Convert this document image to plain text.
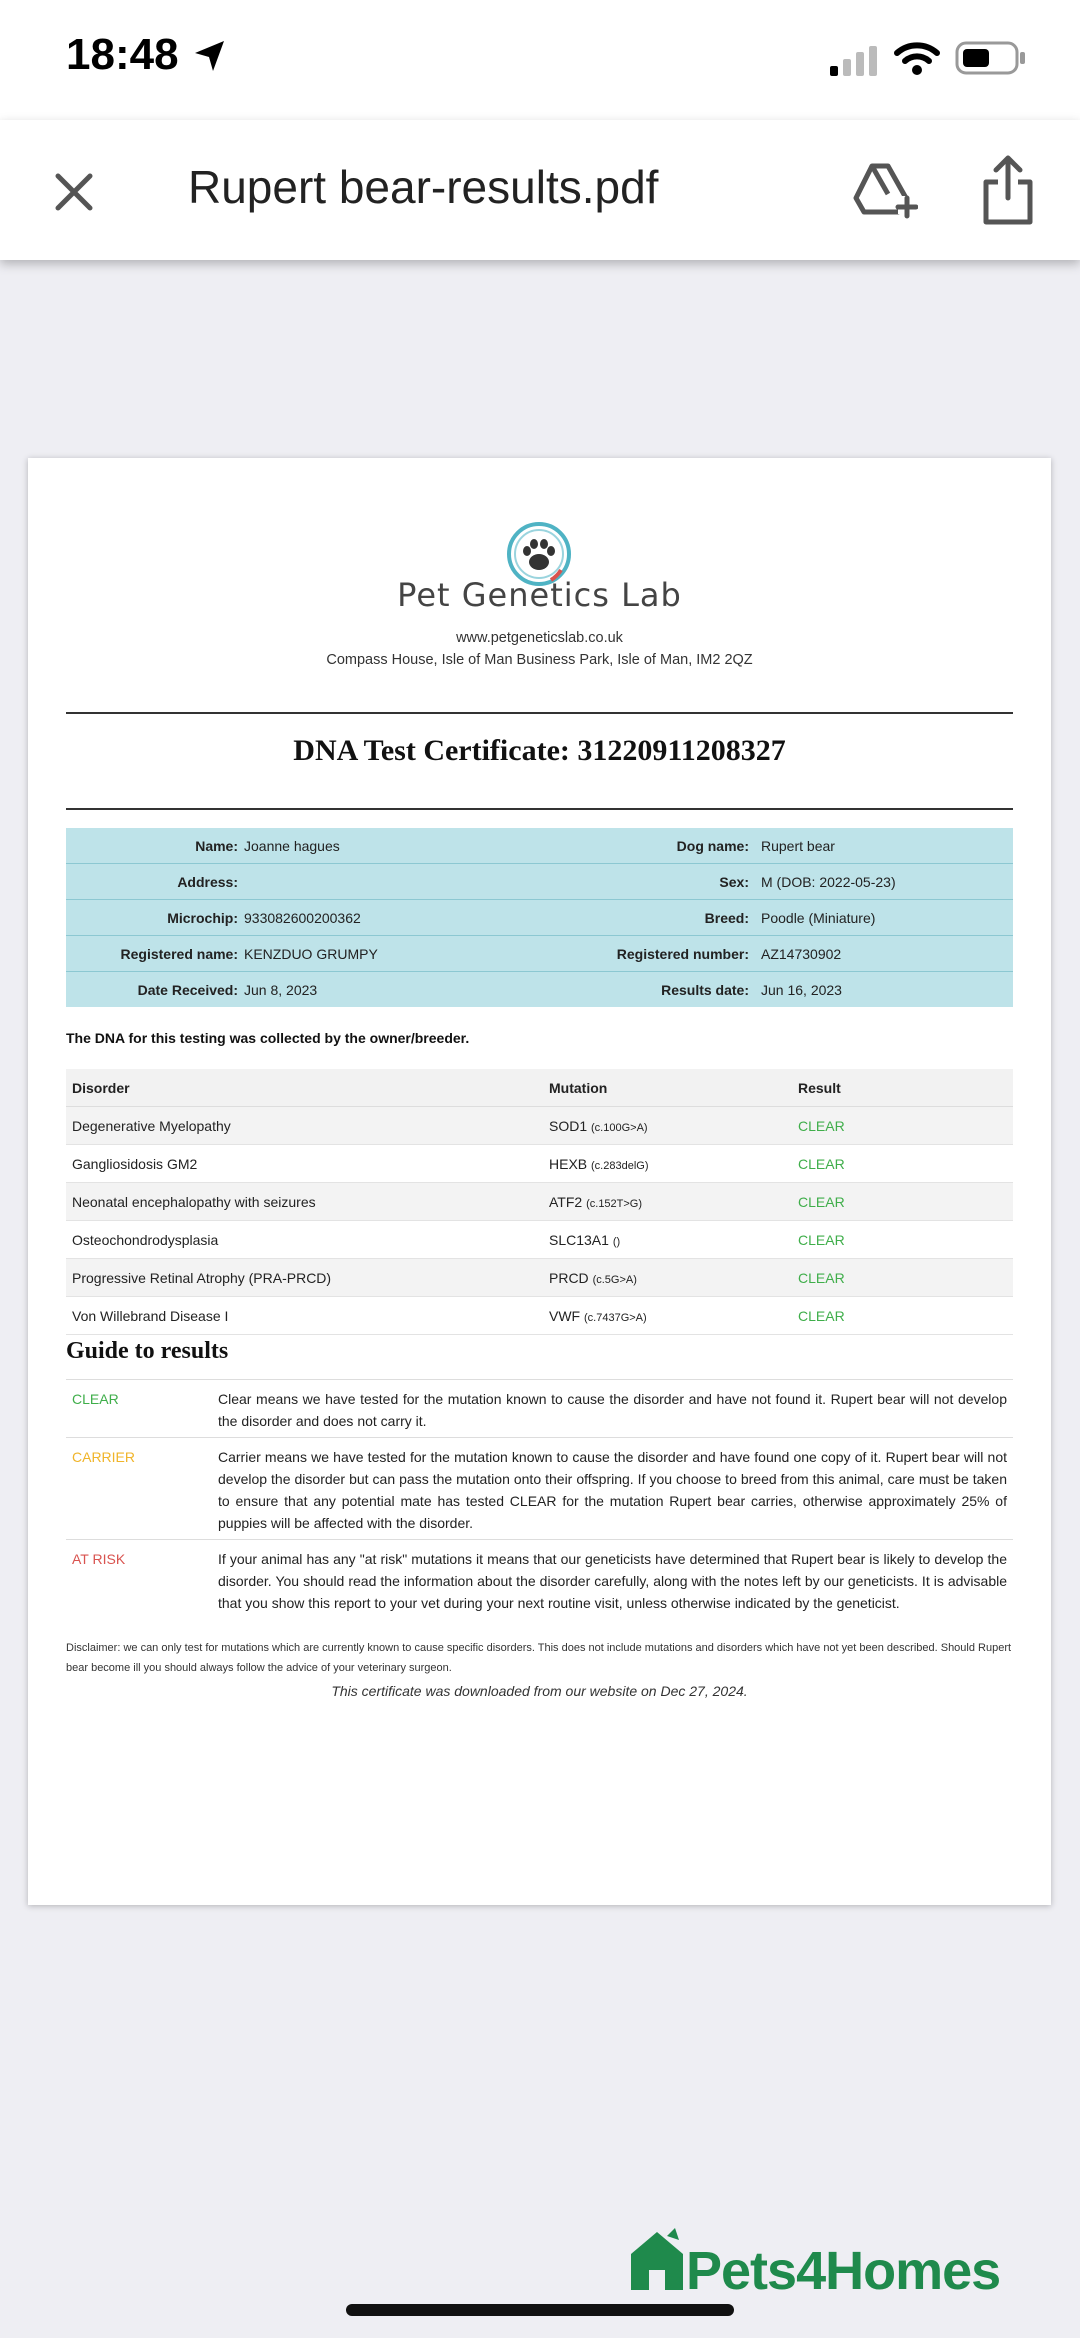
18:48
Rupert bear-results.pdf
Pet Genetics Lab
www.petgeneticslab.co.uk
Compass House, Isle of Man Business Park, Isle of Man, IM2 2QZ
DNA Test Certificate: 31220911208327
Name: Joanne hagues	Dog name: Rupert bear
Address:	Sex: M (DOB: 2022-05-23)
Microchip: 933082600200362	Breed: Poodle (Miniature)
Registered name: KENZDUO GRUMPY	Registered number: AZ14730902
Date Received: Jun 8, 2023	Results date: Jun 16, 2023
The DNA for this testing was collected by the owner/breeder.
Disorder	Mutation	Result
Degenerative Myelopathy	SOD1 (c.100G>A)	CLEAR
Gangliosidosis GM2	HEXB (c.283delG)	CLEAR
Neonatal encephalopathy with seizures	ATF2 (c.152T>G)	CLEAR
Osteochondrodysplasia	SLC13A1 ()	CLEAR
Progressive Retinal Atrophy (PRA-PRCD)	PRCD (c.5G>A)	CLEAR
Von Willebrand Disease I	VWF (c.7437G>A)	CLEAR
Guide to results
CLEAR	Clear means we have tested for the mutation known to cause the disorder and have not found it. Rupert bear will not develop the disorder and does not carry it.
CARRIER	Carrier means we have tested for the mutation known to cause the disorder and have found one copy of it. Rupert bear will not develop the disorder but can pass the mutation onto their offspring. If you choose to breed from this animal, care must be taken to ensure that any potential mate has tested CLEAR for the mutation Rupert bear carries, otherwise approximately 25% of puppies will be affected with the disorder.
AT RISK	If your animal has any "at risk" mutations it means that our geneticists have determined that Rupert bear is likely to develop the disorder. You should read the information about the disorder carefully, along with the notes left by our geneticists. It is advisable that you show this report to your vet during your next routine visit, unless otherwise indicated by the geneticist.
Disclaimer: we can only test for mutations which are currently known to cause specific disorders. This does not include mutations and disorders which have not yet been described. Should Rupert bear become ill you should always follow the advice of your veterinary surgeon.
This certificate was downloaded from our website on Dec 27, 2024.
Pets4Homes
